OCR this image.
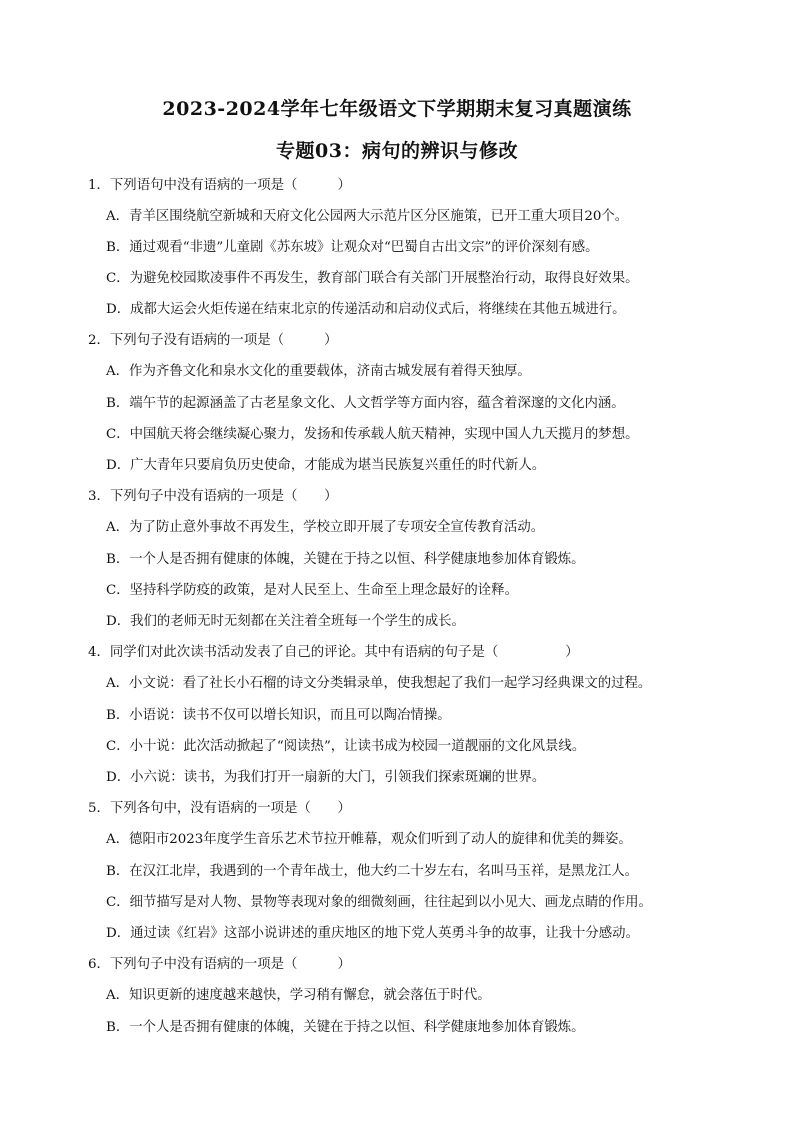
2023-2024学年七年级语文下学期期末复习真题演练
专题03：病句的辨识与修改
1．下列语句中没有语病的一项是（　　　）
A．青羊区围绕航空新城和天府文化公园两大示范片区分区施策，已开工重大项目20个。
B．通过观看“非遗”儿童剧《苏东坡》让观众对“巴蜀自古出文宗”的评价深刻有感。
C．为避免校园欺凌事件不再发生，教育部门联合有关部门开展整治行动，取得良好效果。
D．成都大运会火炬传递在结束北京的传递活动和启动仪式后，将继续在其他五城进行。
2．下列句子没有语病的一项是（　　　）
A．作为齐鲁文化和泉水文化的重要载体，济南古城发展有着得天独厚。
B．端午节的起源涵盖了古老星象文化、人文哲学等方面内容，蕴含着深邃的文化内涵。
C．中国航天将会继续凝心聚力，发扬和传承载人航天精神，实现中国人九天揽月的梦想。
D．广大青年只要肩负历史使命，才能成为堪当民族复兴重任的时代新人。
3．下列句子中没有语病的一项是（　　）
A．为了防止意外事故不再发生，学校立即开展了专项安全宣传教育活动。
B．一个人是否拥有健康的体魄，关键在于持之以恒、科学健康地参加体育锻炼。
C．坚持科学防疫的政策，是对人民至上、生命至上理念最好的诠释。
D．我们的老师无时无刻都在关注着全班每一个学生的成长。
4．同学们对此次读书活动发表了自己的评论。其中有语病的句子是（　　　　　）
A．小文说：看了社长小石榴的诗文分类辑录单，使我想起了我们一起学习经典课文的过程。
B．小语说：读书不仅可以增长知识，而且可以陶冶情操。
C．小十说：此次活动掀起了“阅读热”，让读书成为校园一道靓丽的文化风景线。
D．小六说：读书，为我们打开一扇新的大门，引领我们探索斑斓的世界。
5．下列各句中，没有语病的一项是（　　）
A．德阳市2023年度学生音乐艺术节拉开帷幕，观众们听到了动人的旋律和优美的舞姿。
B．在汉江北岸，我遇到的一个青年战士，他大约二十岁左右，名叫马玉祥，是黑龙江人。
C．细节描写是对人物、景物等表现对象的细微刻画，往往起到以小见大、画龙点睛的作用。
D．通过读《红岩》这部小说讲述的重庆地区的地下党人英勇斗争的故事，让我十分感动。
6．下列句子中没有语病的一项是（　　　）
A．知识更新的速度越来越快，学习稍有懈怠，就会落伍于时代。
B．一个人是否拥有健康的体魄，关键在于持之以恒、科学健康地参加体育锻炼。
